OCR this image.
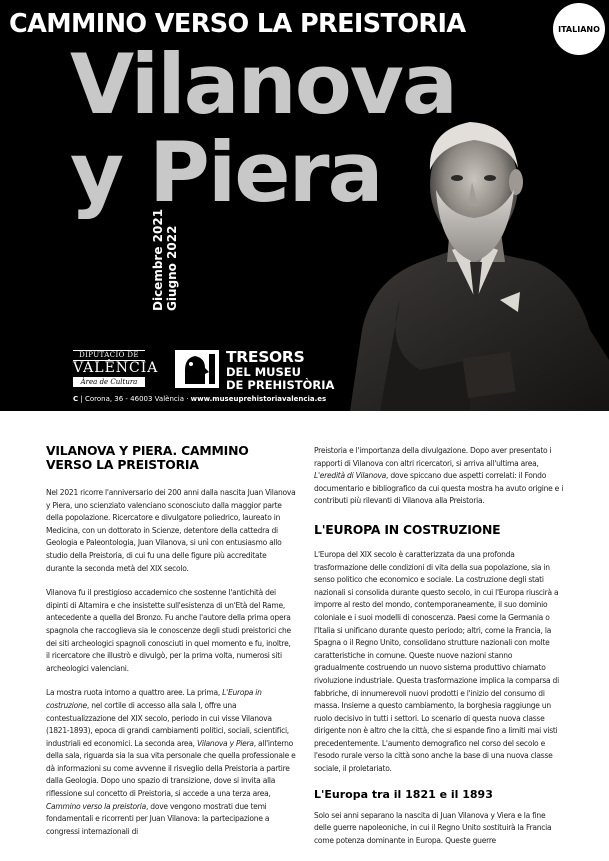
CAMMINO VERSO LA PREISTORIA	ITALIANO
Vilanova
y Piera
Dicembre 2021 Giugno 2022
DIPUTACIÓ DE
VALÈNCIA
Àrea de Cultura
TRESORS
DEL MUSEU
DE PREHISTÒRIA
C | Corona, 36 - 46003 València · www.museuprehistoriavalencia.es
VILANOVA Y PIERA. CAMMINO VERSO LA PREISTORIA

Nel 2021 ricorre l'anniversario dei 200 anni dalla nascita Juan Vilanova y Piera, uno scienziato valenciano sconosciuto dalla maggior parte della popolazione. Ricercatore e divulgatore poliedrico, laureato in Medicina, con un dottorato in Scienze, detentore della cattedra di Geologia e Paleontologia, Juan Vilanova, si unì con entusiasmo allo studio della Preistoria, di cui fu una delle figure più accreditate durante la seconda metà del XIX secolo.

Vilanova fu il prestigioso accademico che sostenne l'antichità dei dipinti di Altamira e che insistette sull'esistenza di un'Età del Rame, antecedente a quella del Bronzo. Fu anche l'autore della prima opera spagnola che raccoglieva sia le conoscenze degli studi preistorici che dei siti archeologici spagnoli conosciuti in quel momento e fu, inoltre, il ricercatore che illustrò e divulgò, per la prima volta, numerosi siti archeologici valenciani.

La mostra ruota intorno a quattro aree. La prima, L'Europa in costruzione, nel cortile di accesso alla sala I, offre una contestualizzazione del XIX secolo, periodo in cui visse Vilanova (1821-1893), epoca di grandi cambiamenti politici, sociali, scientifici, industriali ed economici. La seconda area, Vilanova y Piera, all'interno della sala, riguarda sia la sua vita personale che quella professionale e dà informazioni su come avvenne il risveglio della Preistoria a partire dalla Geologia. Dopo uno spazio di transizione, dove si invita alla riflessione sul concetto di Preistoria, si accede a una terza area, Cammino verso la preistoria, dove vengono mostrati due temi fondamentali e ricorrenti per Juan Vilanova: la partecipazione a congressi internazionali di

Preistoria e l'importanza della divulgazione. Dopo aver presentato i rapporti di Vilanova con altri ricercatori, si arriva all'ultima area, L'eredità di Vilanova, dove spiccano due aspetti correlati: il Fondo documentario e bibliografico da cui questa mostra ha avuto origine e i contributi più rilevanti di Vilanova alla Preistoria.

L'EUROPA IN COSTRUZIONE

L'Europa del XIX secolo è caratterizzata da una profonda trasformazione delle condizioni di vita della sua popolazione, sia in senso politico che economico e sociale. La costruzione degli stati nazionali si consolida durante questo secolo, in cui l'Europa riuscirà a imporre al resto del mondo, contemporaneamente, il suo dominio coloniale e i suoi modelli di conoscenza. Paesi come la Germania o l'Italia si unificano durante questo periodo; altri, come la Francia, la Spagna o il Regno Unito, consolidano strutture nazionali con molte caratteristiche in comune. Queste nuove nazioni stanno gradualmente costruendo un nuovo sistema produttivo chiamato rivoluzione industriale. Questa trasformazione implica la comparsa di fabbriche, di innumerevoli nuovi prodotti e l'inizio del consumo di massa. Insieme a questo cambiamento, la borghesia raggiunge un ruolo decisivo in tutti i settori. Lo scenario di questa nuova classe dirigente non è altro che la città, che si espande fino a limiti mai visti precedentemente. L'aumento demografico nel corso del secolo e l'esodo rurale verso la città sono anche la base di una nuova classe sociale, il proletariato.

L'Europa tra il 1821 e il 1893

Solo sei anni separano la nascita di Juan Vilanova y Viera e la fine delle guerre napoleoniche, in cui il Regno Unito sostituirà la Francia come potenza dominante in Europa. Queste guerre
